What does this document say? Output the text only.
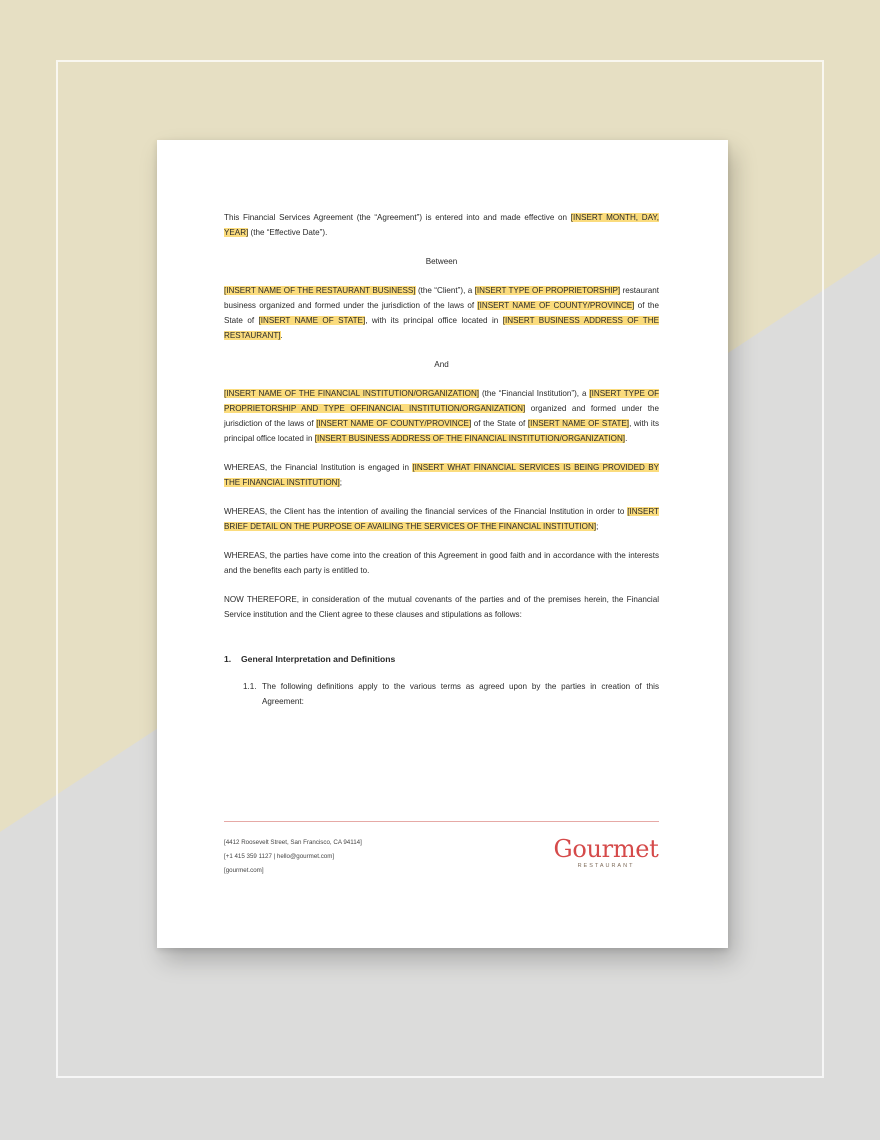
This Financial Services Agreement (the “Agreement”) is entered into and made effective on [INSERT MONTH, DAY, YEAR] (the “Effective Date”).

Between

[INSERT NAME OF THE RESTAURANT BUSINESS] (the “Client”), a [INSERT TYPE OF PROPRIETORSHIP] restaurant business organized and formed under the jurisdiction of the laws of [INSERT NAME OF COUNTY/PROVINCE] of the State of [INSERT NAME OF STATE], with its principal office located in [INSERT BUSINESS ADDRESS OF THE RESTAURANT].

And

[INSERT NAME OF THE FINANCIAL INSTITUTION/ORGANIZATION] (the “Financial Institution”), a [INSERT TYPE OF PROPRIETORSHIP AND TYPE OFFINANCIAL INSTITUTION/ORGANIZATION] organized and formed under the jurisdiction of the laws of [INSERT NAME OF COUNTY/PROVINCE] of the State of [INSERT NAME OF STATE], with its principal office located in [INSERT BUSINESS ADDRESS OF THE FINANCIAL INSTITUTION/ORGANIZATION].

WHEREAS, the Financial Institution is engaged in [INSERT WHAT FINANCIAL SERVICES IS BEING PROVIDED BY THE FINANCIAL INSTITUTION];

WHEREAS, the Client has the intention of availing the financial services of the Financial Institution in order to [INSERT BRIEF DETAIL ON THE PURPOSE OF AVAILING THE SERVICES OF THE FINANCIAL INSTITUTION];

WHEREAS, the parties have come into the creation of this Agreement in good faith and in accordance with the interests and the benefits each party is entitled to.

NOW THEREFORE, in consideration of the mutual covenants of the parties and of the premises herein, the Financial Service institution and the Client agree to these clauses and stipulations as follows:

1. General Interpretation and Definitions

1.1. The following definitions apply to the various terms as agreed upon by the parties in creation of this Agreement:

[4412 Roosevelt Street, San Francisco, CA 94114]
[+1 415 359 1127 | hello@gourmet.com]
[gourmet.com]
Gourmet
RESTAURANT
